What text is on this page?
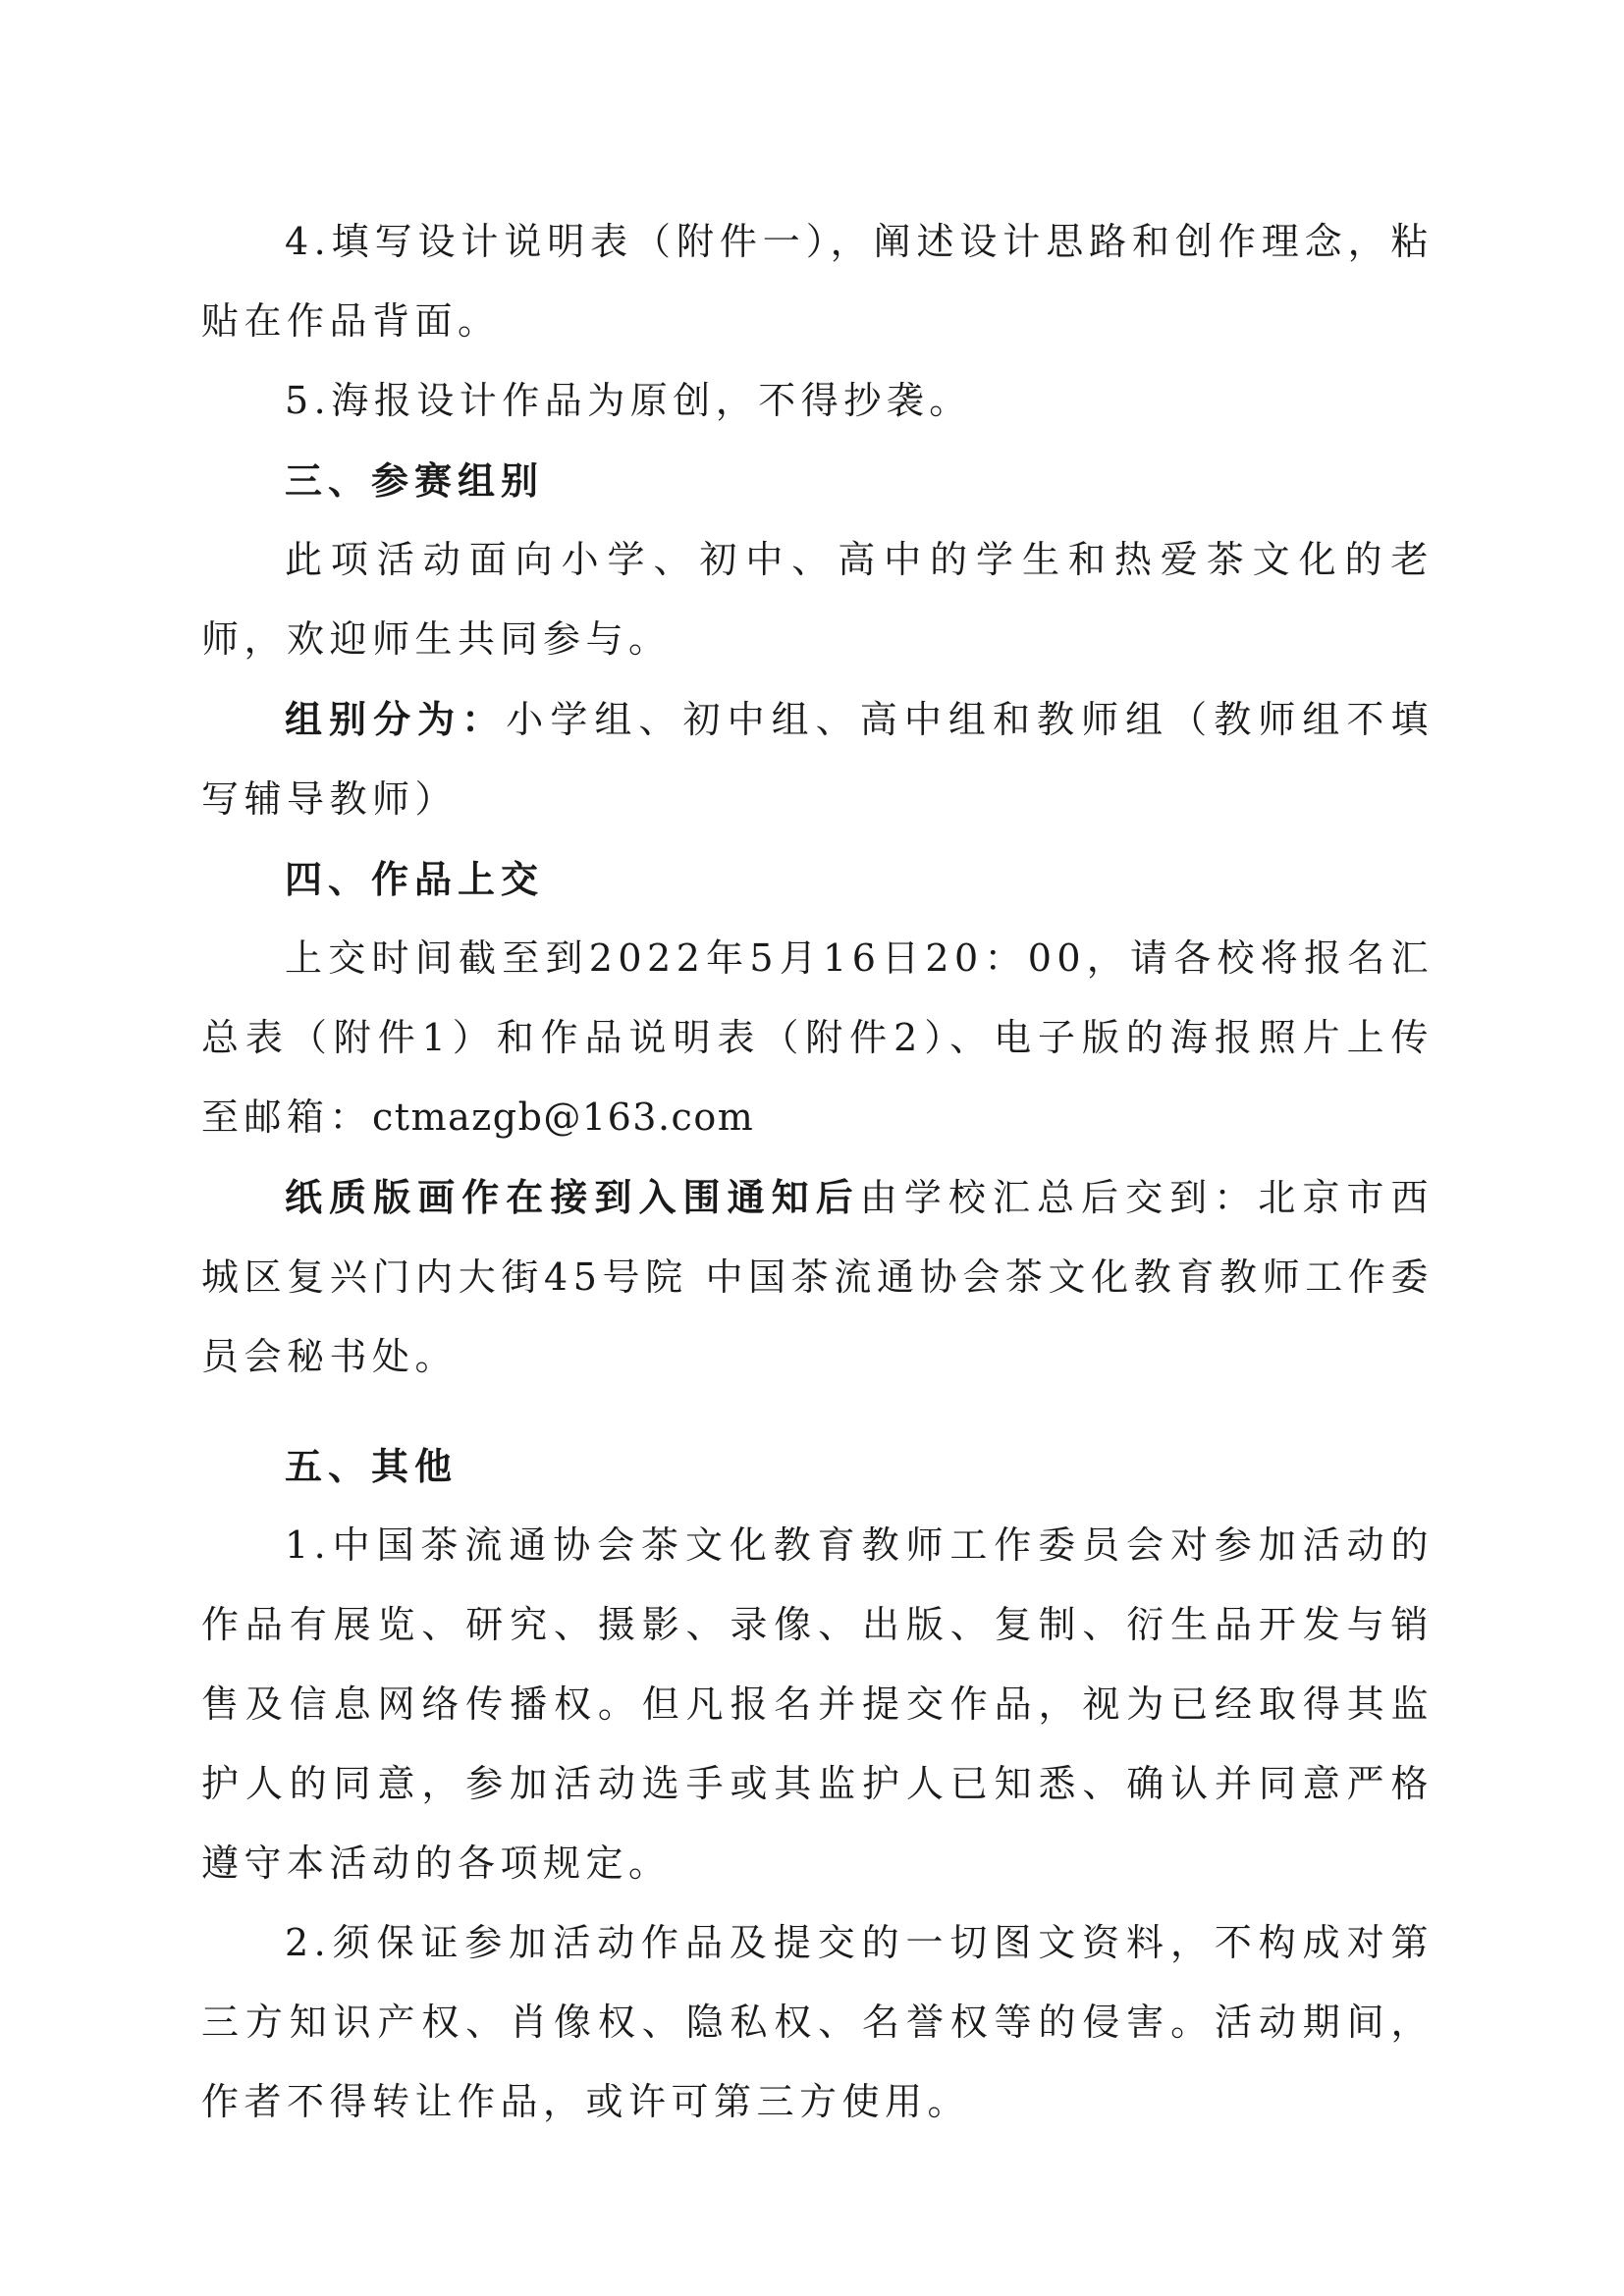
4.填写设计说明表（附件一），阐述设计思路和创作理念，粘贴在作品背面。

5.海报设计作品为原创，不得抄袭。

三、参赛组别

此项活动面向小学、初中、高中的学生和热爱茶文化的老师，欢迎师生共同参与。

组别分为：小学组、初中组、高中组和教师组（教师组不填写辅导教师）

四、作品上交

上交时间截至到2022年5月16日20：00，请各校将报名汇总表（附件1）和作品说明表（附件2）、电子版的海报照片上传至邮箱：ctmazgb@163.com

纸质版画作在接到入围通知后由学校汇总后交到：北京市西城区复兴门内大街45号院 中国茶流通协会茶文化教育教师工作委员会秘书处。

五、其他

1.中国茶流通协会茶文化教育教师工作委员会对参加活动的作品有展览、研究、摄影、录像、出版、复制、衍生品开发与销售及信息网络传播权。但凡报名并提交作品，视为已经取得其监护人的同意，参加活动选手或其监护人已知悉、确认并同意严格遵守本活动的各项规定。

2.须保证参加活动作品及提交的一切图文资料，不构成对第三方知识产权、肖像权、隐私权、名誉权等的侵害。活动期间，作者不得转让作品，或许可第三方使用。
